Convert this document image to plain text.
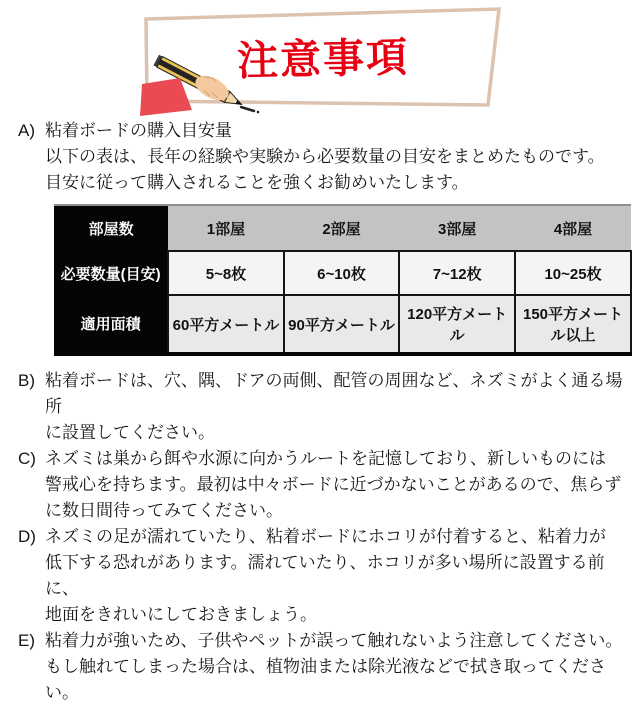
注意事項
A) 粘着ボードの購入目安量
以下の表は、長年の経験や実験から必要数量の目安をまとめたものです。
目安に従って購入されることを強くお勧めいたします。
部屋数	1部屋	2部屋	3部屋	4部屋
必要数量(目安)	5~8枚	6~10枚	7~12枚	10~25枚
適用面積	60平方メートル	90平方メートル	120平方メートル	150平方メートル以上
B) 粘着ボードは、穴、隅、ドアの両側、配管の周囲など、ネズミがよく通る場所
に設置してください。
C) ネズミは巣から餌や水源に向かうルートを記憶しており、新しいものには
警戒心を持ちます。最初は中々ボードに近づかないことがあるので、焦らず
に数日間待ってみてください。
D) ネズミの足が濡れていたり、粘着ボードにホコリが付着すると、粘着力が
低下する恐れがあります。濡れていたり、ホコリが多い場所に設置する前に、
地面をきれいにしておきましょう。
E) 粘着力が強いため、子供やペットが誤って触れないよう注意してください。
もし触れてしまった場合は、植物油または除光液などで拭き取ってください。
